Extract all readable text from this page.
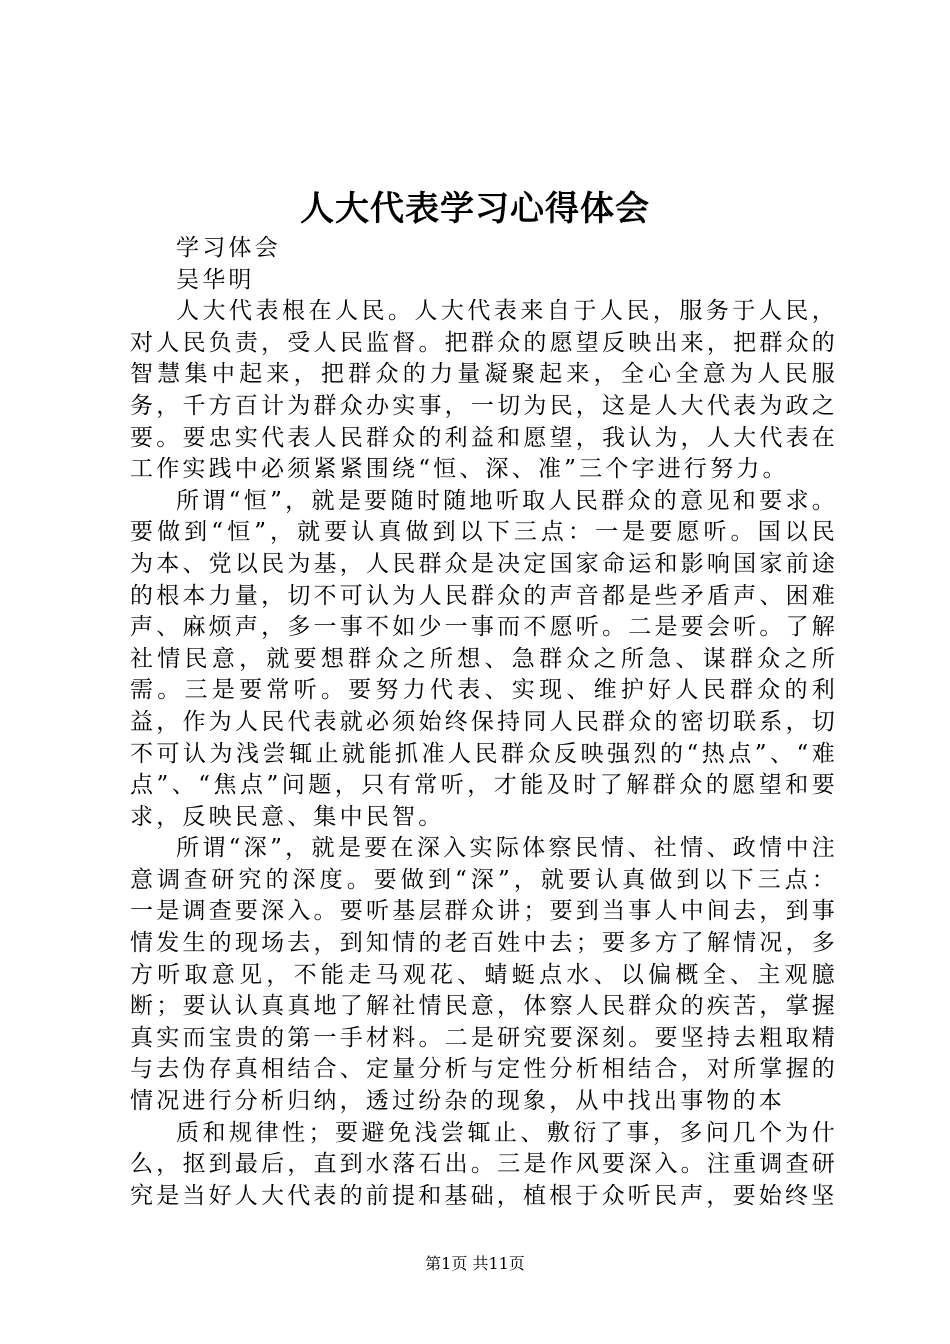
人大代表学习心得体会

学习体会

吴华明

人大代表根在人民。人大代表来自于人民，服务于人民，对人民负责，受人民监督。把群众的愿望反映出来，把群众的智慧集中起来，把群众的力量凝聚起来，全心全意为人民服务，千方百计为群众办实事，一切为民，这是人大代表为政之要。要忠实代表人民群众的利益和愿望，我认为，人大代表在工作实践中必须紧紧围绕“恒、深、准”三个字进行努力。

所谓“恒”，就是要随时随地听取人民群众的意见和要求。要做到“恒”，就要认真做到以下三点：一是要愿听。国以民为本、党以民为基，人民群众是决定国家命运和影响国家前途的根本力量，切不可认为人民群众的声音都是些矛盾声、困难声、麻烦声，多一事不如少一事而不愿听。二是要会听。了解社情民意，就要想群众之所想、急群众之所急、谋群众之所需。三是要常听。要努力代表、实现、维护好人民群众的利益，作为人民代表就必须始终保持同人民群众的密切联系，切不可认为浅尝辄止就能抓准人民群众反映强烈的“热点”、“难点”、“焦点”问题，只有常听，才能及时了解群众的愿望和要求，反映民意、集中民智。

所谓“深”，就是要在深入实际体察民情、社情、政情中注意调查研究的深度。要做到“深”，就要认真做到以下三点：一是调查要深入。要听基层群众讲；要到当事人中间去，到事情发生的现场去，到知情的老百姓中去；要多方了解情况，多方听取意见，不能走马观花、蜻蜓点水、以偏概全、主观臆断；要认认真真地了解社情民意，体察人民群众的疾苦，掌握真实而宝贵的第一手材料。二是研究要深刻。要坚持去粗取精与去伪存真相结合、定量分析与定性分析相结合，对所掌握的情况进行分析归纳，透过纷杂的现象，从中找出事物的本

质和规律性；要避免浅尝辄止、敷衍了事，多问几个为什么，抠到最后，直到水落石出。三是作风要深入。注重调查研究是当好人大代表的前提和基础，植根于众听民声，要始终坚

第1页 共11页
